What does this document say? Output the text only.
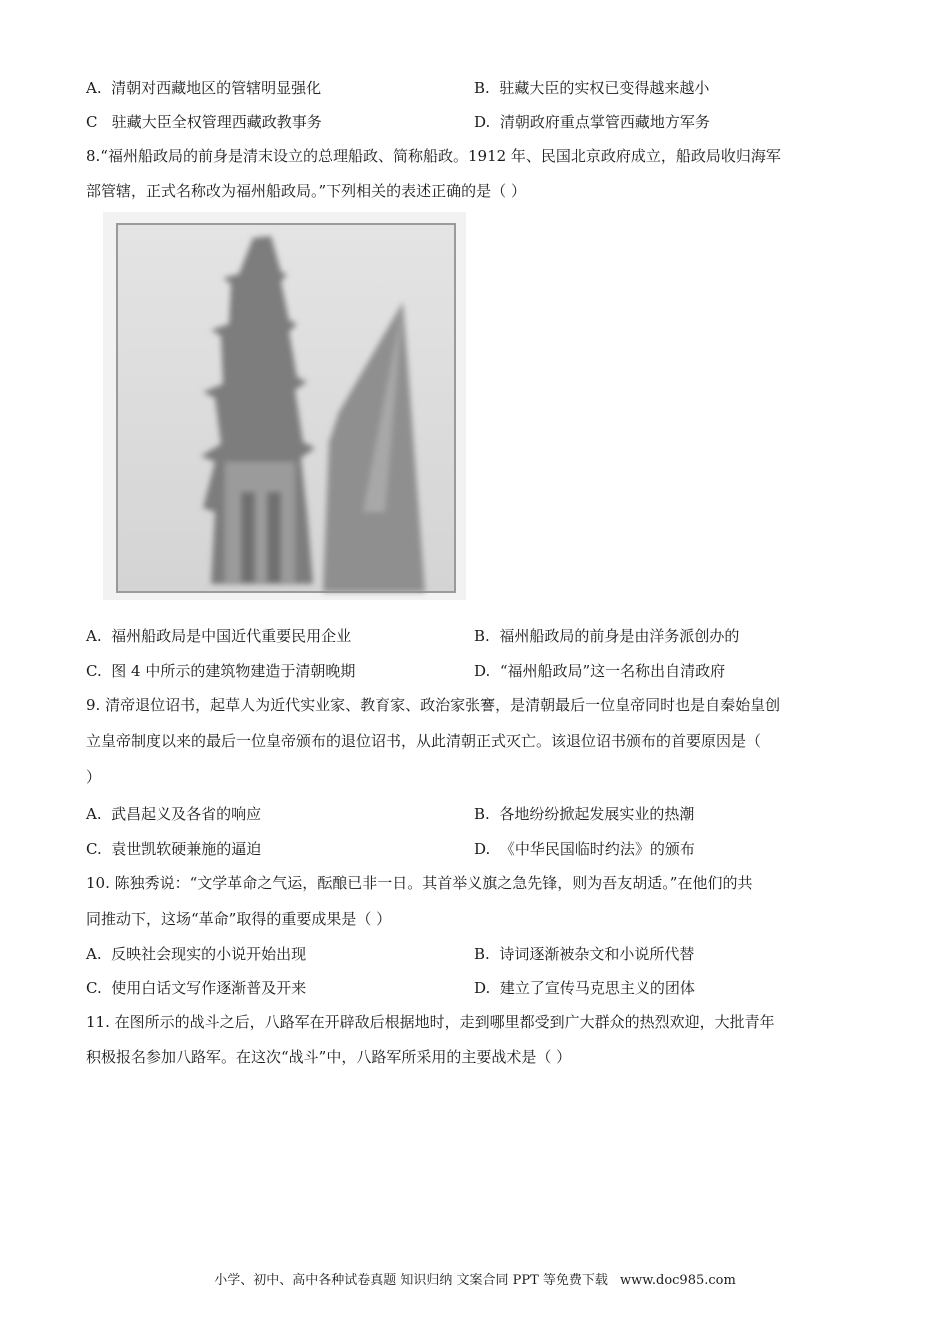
A. 清朝对西藏地区的管辖明显强化	B. 驻藏大臣的实权已变得越来越小
C 驻藏大臣全权管理西藏政教事务	D. 清朝政府重点掌管西藏地方军务
8.“福州船政局的前身是清末设立的总理船政、简称船政。1912 年、民国北京政府成立，船政局收归海军
部管辖，正式名称改为福州船政局。”下列相关的表述正确的是（ ）
A. 福州船政局是中国近代重要民用企业	B. 福州船政局的前身是由洋务派创办的
C. 图 4 中所示的建筑物建造于清朝晚期	D. “福州船政局”这一名称出自清政府
9. 清帝退位诏书，起草人为近代实业家、教育家、政治家张謇，是清朝最后一位皇帝同时也是自秦始皇创
立皇帝制度以来的最后一位皇帝颁布的退位诏书，从此清朝正式灭亡。该退位诏书颁布的首要原因是（
）
A. 武昌起义及各省的响应	B. 各地纷纷掀起发展实业的热潮
C. 袁世凯软硬兼施的逼迫	D. 《中华民国临时约法》的颁布
10. 陈独秀说：“文学革命之气运，酝酿已非一日。其首举义旗之急先锋，则为吾友胡适。”在他们的共
同推动下，这场“革命”取得的重要成果是（ ）
A. 反映社会现实的小说开始出现	B. 诗词逐渐被杂文和小说所代替
C. 使用白话文写作逐渐普及开来	D. 建立了宣传马克思主义的团体
11. 在图所示的战斗之后，八路军在开辟敌后根据地时，走到哪里都受到广大群众的热烈欢迎，大批青年
积极报名参加八路军。在这次“战斗”中，八路军所采用的主要战术是（ ）
小学、初中、高中各种试卷真题 知识归纳 文案合同 PPT 等免费下载 www.doc985.com
